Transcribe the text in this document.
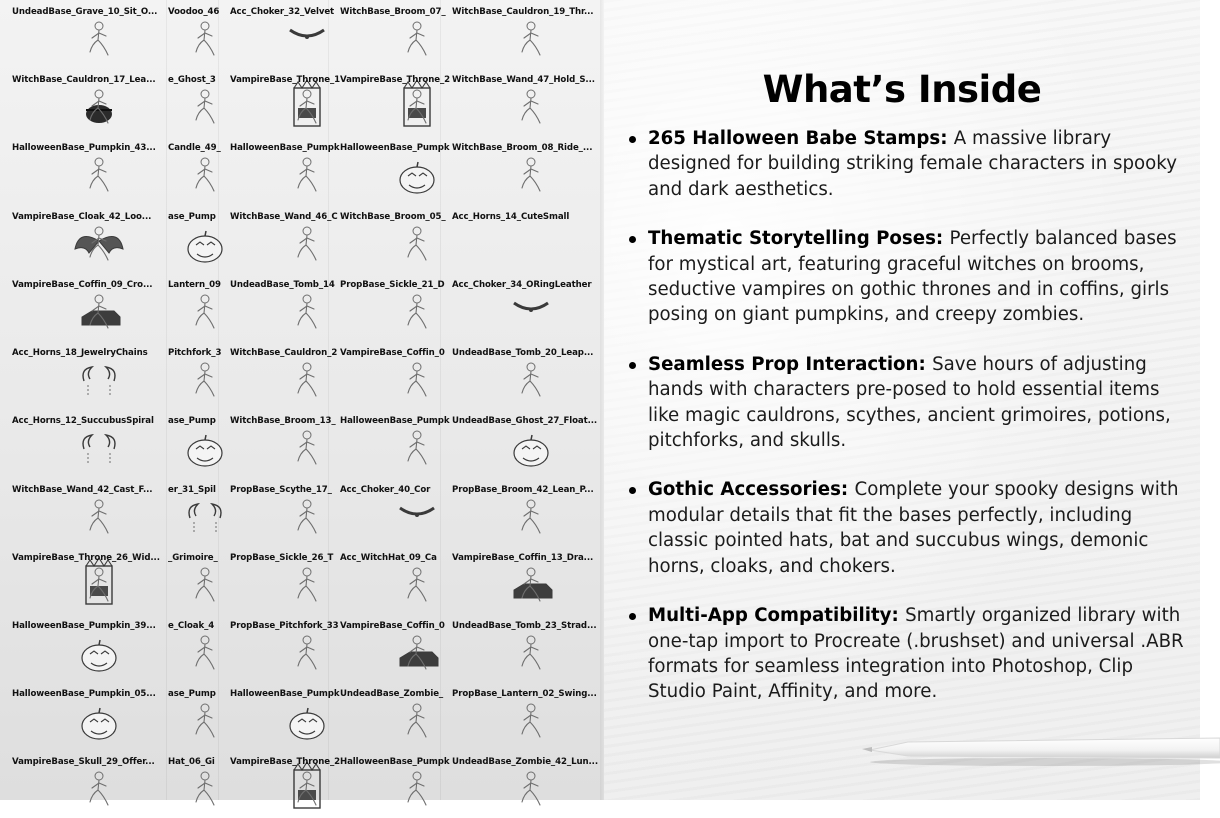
UndeadBase_Grave_10_Sit_O...
WitchBase_Cauldron_17_Lea...
HalloweenBase_Pumpkin_43...
VampireBase_Cloak_42_Loo...
VampireBase_Coffin_09_Cro...
Acc_Horns_18_JewelryChains
Acc_Horns_12_SuccubusSpiral
WitchBase_Wand_42_Cast_F...
VampireBase_Throne_26_Wid...
HalloweenBase_Pumpkin_39...
HalloweenBase_Pumpkin_05...
VampireBase_Skull_29_Offer...
Voodoo_46
e_Ghost_3
Candle_49_
ase_Pump
Lantern_09
Pitchfork_3
ase_Pump
er_31_Spil
_Grimoire_
e_Cloak_4
ase_Pump
Hat_06_Gi
Acc_Choker_32_Velvet
VampireBase_Throne_1
HalloweenBase_Pumpk
WitchBase_Wand_46_C
UndeadBase_Tomb_14
WitchBase_Cauldron_2
WitchBase_Broom_13_
PropBase_Scythe_17_
PropBase_Sickle_26_T
PropBase_Pitchfork_33
HalloweenBase_Pumpk
VampireBase_Throne_2
WitchBase_Broom_07_
VampireBase_Throne_2
HalloweenBase_Pumpk
WitchBase_Broom_05_
PropBase_Sickle_21_D
VampireBase_Coffin_0
HalloweenBase_Pumpk
Acc_Choker_40_Cor
Acc_WitchHat_09_Ca
VampireBase_Coffin_0
UndeadBase_Zombie_
HalloweenBase_Pumpk
WitchBase_Cauldron_19_Thr...
WitchBase_Wand_47_Hold_S...
WitchBase_Broom_08_Ride_...
Acc_Horns_14_CuteSmall
Acc_Choker_34_ORingLeather
UndeadBase_Tomb_20_Leap...
UndeadBase_Ghost_27_Float...
PropBase_Broom_42_Lean_P...
VampireBase_Coffin_13_Dra...
UndeadBase_Tomb_23_Strad...
PropBase_Lantern_02_Swing...
UndeadBase_Zombie_42_Lun...
What’s Inside
265 Halloween Babe Stamps: A massive library designed for building striking female characters in spooky and dark aesthetics.
Thematic Storytelling Poses: Perfectly balanced bases for mystical art, featuring graceful witches on brooms, seductive vampires on gothic thrones and in coffins, girls posing on giant pumpkins, and creepy zombies.
Seamless Prop Interaction: Save hours of adjusting hands with characters pre-posed to hold essential items like magic cauldrons, scythes, ancient grimoires, potions, pitchforks, and skulls.
Gothic Accessories: Complete your spooky designs with modular details that fit the bases perfectly, including classic pointed hats, bat and succubus wings, demonic horns, cloaks, and chokers.
Multi-App Compatibility: Smartly organized library with one-tap import to Procreate (.brushset) and universal .ABR formats for seamless integration into Photoshop, Clip Studio Paint, Affinity, and more.
